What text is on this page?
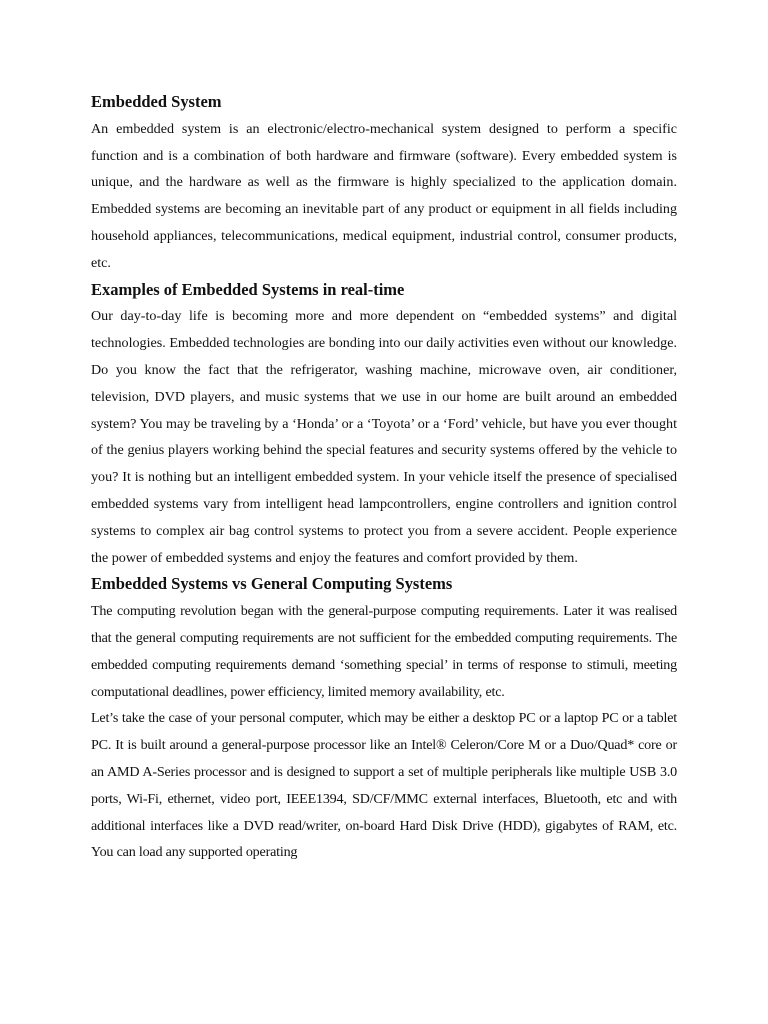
Embedded System

An embedded system is an electronic/electro-mechanical system designed to perform a specific function and is a combination of both hardware and firmware (software). Every embedded system is unique, and the hardware as well as the firmware is highly specialized to the application domain. Embedded systems are becoming an inevitable part of any product or equipment in all fields including household appliances, telecommunications, medical equipment, industrial control, consumer products, etc.

Examples of Embedded Systems in real-time

Our day-to-day life is becoming more and more dependent on “embedded systems” and digital technologies. Embedded technologies are bonding into our daily activities even without our knowledge. Do you know the fact that the refrigerator, washing machine, microwave oven, air conditioner, television, DVD players, and music systems that we use in our home are built around an embedded system? You may be traveling by a ‘Honda’ or a ‘Toyota’ or a ‘Ford’ vehicle, but have you ever thought of the genius players working behind the special features and security systems offered by the vehicle to you? It is nothing but an intelligent embedded system. In your vehicle itself the presence of specialised embedded systems vary from intelligent head lampcontrollers, engine controllers and ignition control systems to complex air bag control systems to protect you from a severe accident. People experience the power of embedded systems and enjoy the features and comfort provided by them.

Embedded Systems vs General Computing Systems

The computing revolution began with the general-purpose computing requirements. Later it was realised that the general computing requirements are not sufficient for the embedded computing requirements. The embedded computing requirements demand ‘something special’ in terms of response to stimuli, meeting computational deadlines, power efficiency, limited memory availability, etc.

Let’s take the case of your personal computer, which may be either a desktop PC or a laptop PC or a tablet PC. It is built around a general-purpose processor like an Intel® Celeron/Core M or a Duo/Quad* core or an AMD A-Series processor and is designed to support a set of multiple peripherals like multiple USB 3.0 ports, Wi-Fi, ethernet, video port, IEEE1394, SD/CF/MMC external interfaces, Bluetooth, etc and with additional interfaces like a DVD read/writer, on-board Hard Disk Drive (HDD), gigabytes of RAM, etc. You can load any supported operating
